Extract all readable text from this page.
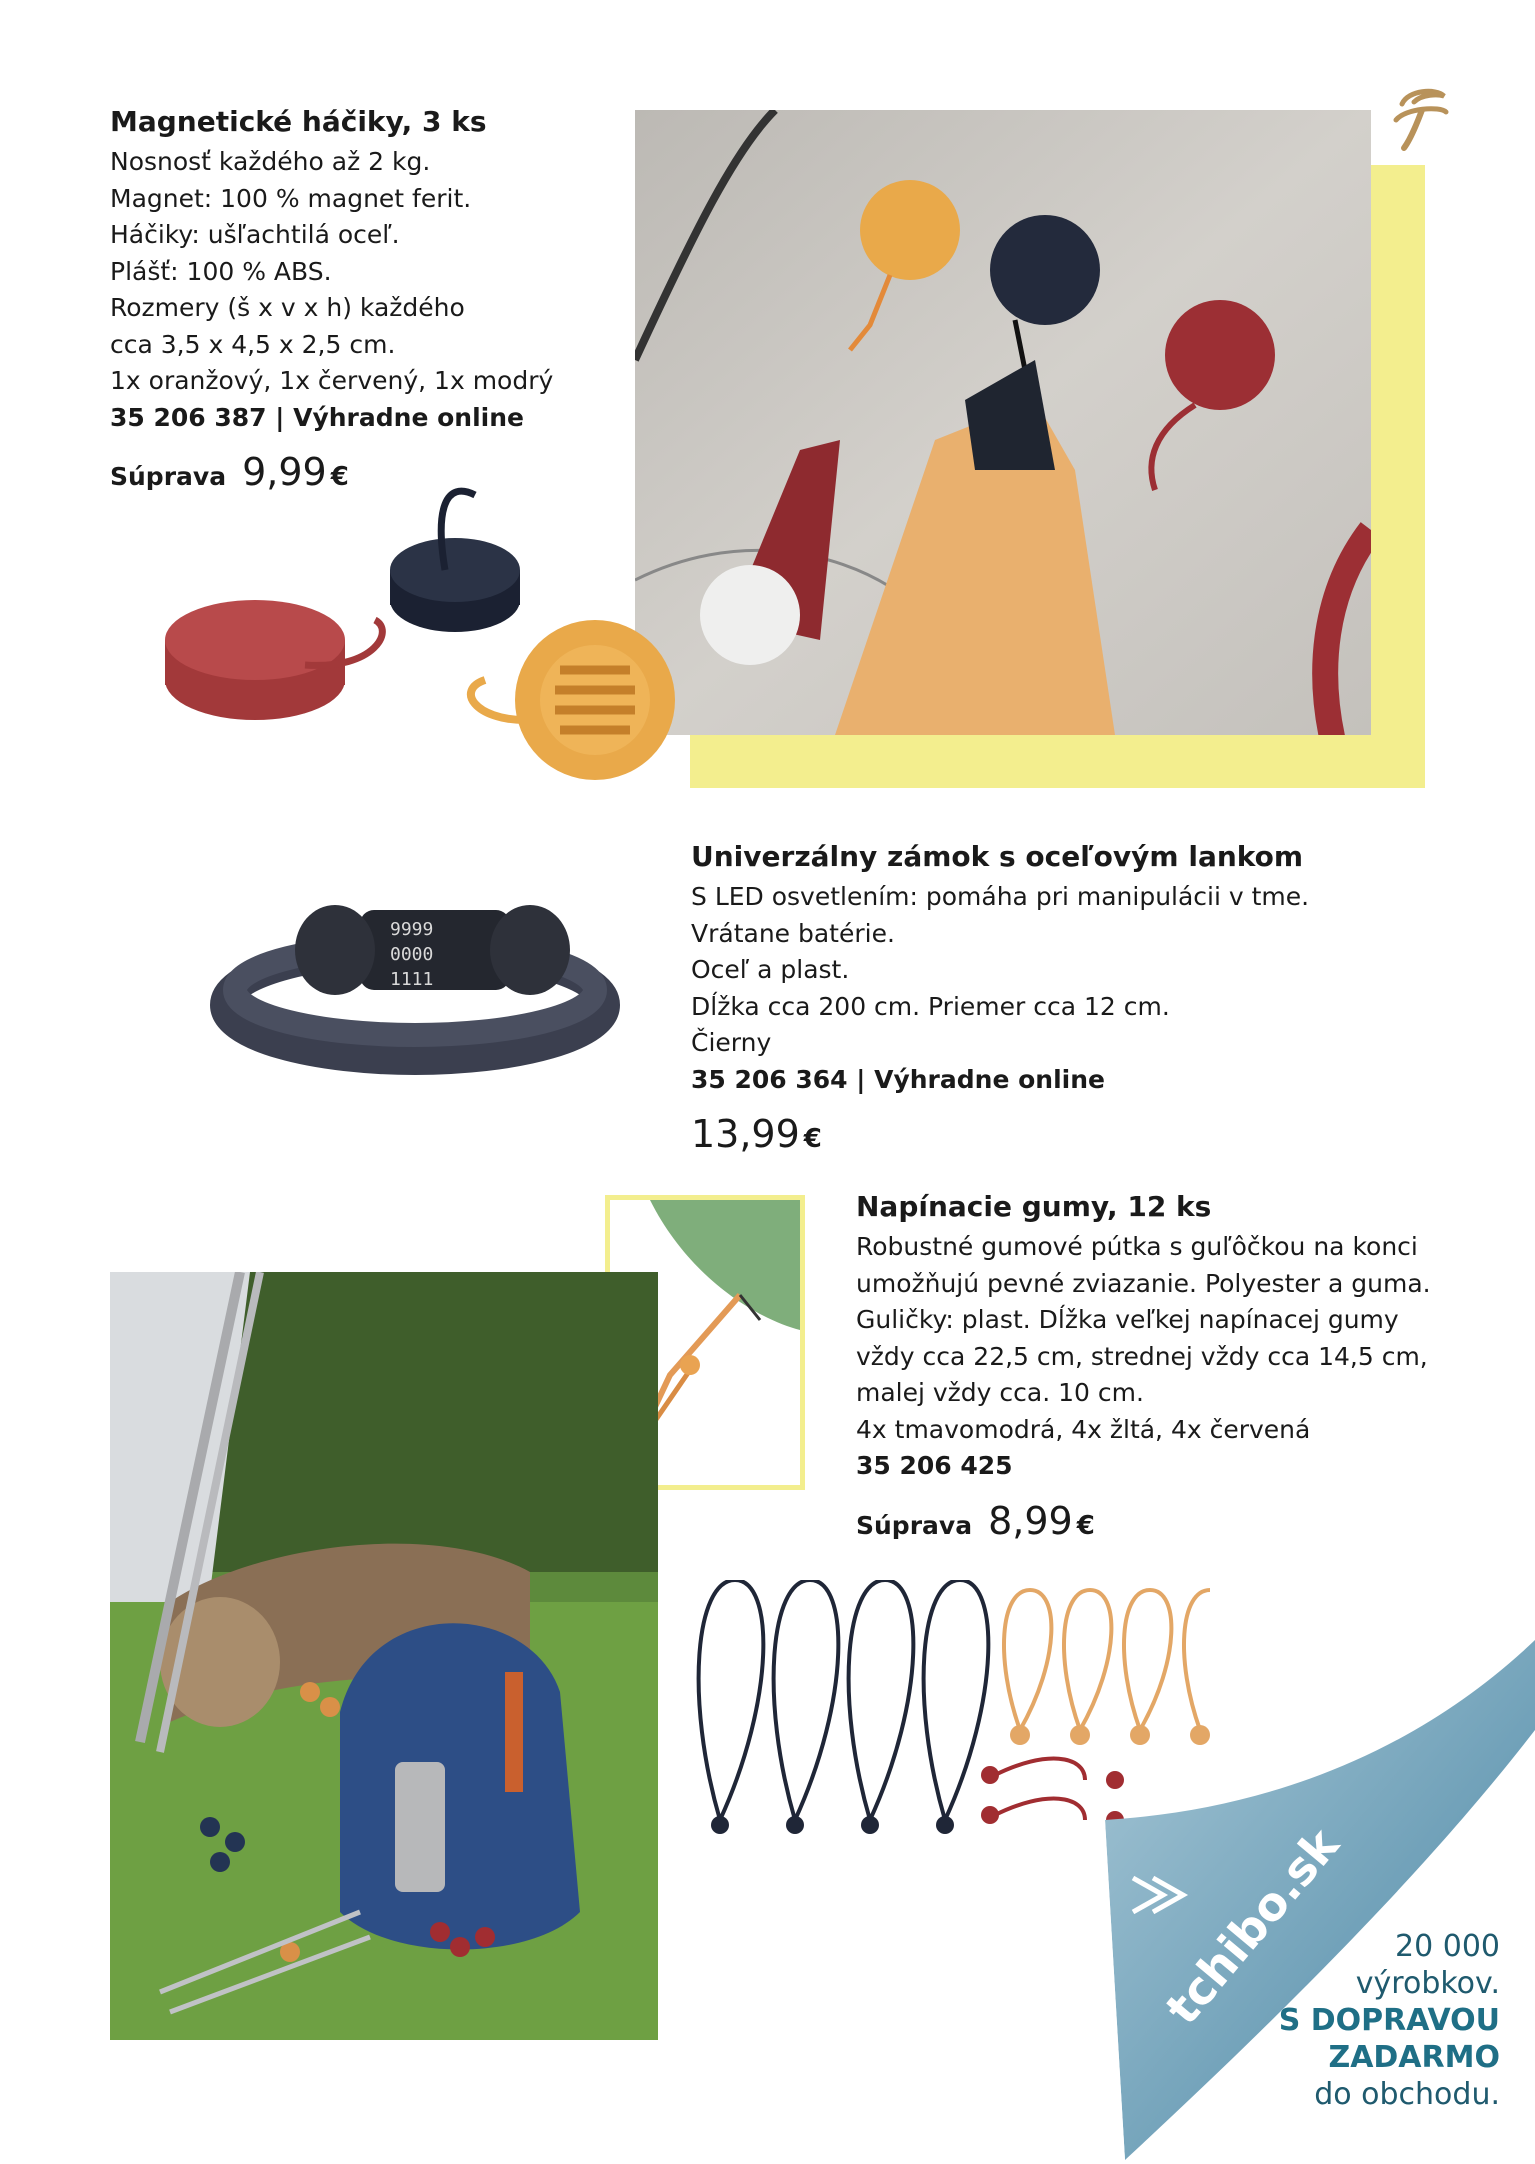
Magnetické háčiky, 3 ks
Nosnosť každého až 2 kg.
Magnet: 100 % magnet ferit.
Háčiky: ušľachtilá oceľ.
Plášť: 100 % ABS.
Rozmery (š x v x h) každého
cca 3,5 x 4,5 x 2,5 cm.
1x oranžový, 1x červený, 1x modrý
35 206 387 | Výhradne online
Súprava 9,99 €
9999
0000
1111
Univerzálny zámok s oceľovým lankom
S LED osvetlením: pomáha pri manipulácii v tme.
Vrátane batérie.
Oceľ a plast.
Dĺžka cca 200 cm. Priemer cca 12 cm.
Čierny
35 206 364 | Výhradne online
13,99 €
Napínacie gumy, 12 ks
Robustné gumové pútka s guľôčkou na konci
umožňujú pevné zviazanie. Polyester a guma.
Guličky: plast. Dĺžka veľkej napínacej gumy
vždy cca 22,5 cm, strednej vždy cca 14,5 cm,
malej vždy cca. 10 cm.
4x tmavomodrá, 4x žltá, 4x červená
35 206 425
Súprava 8,99 €
tchibo.sk	20 000
výrobkov.
S DOPRAVOU
ZADARMO
do obchodu.
